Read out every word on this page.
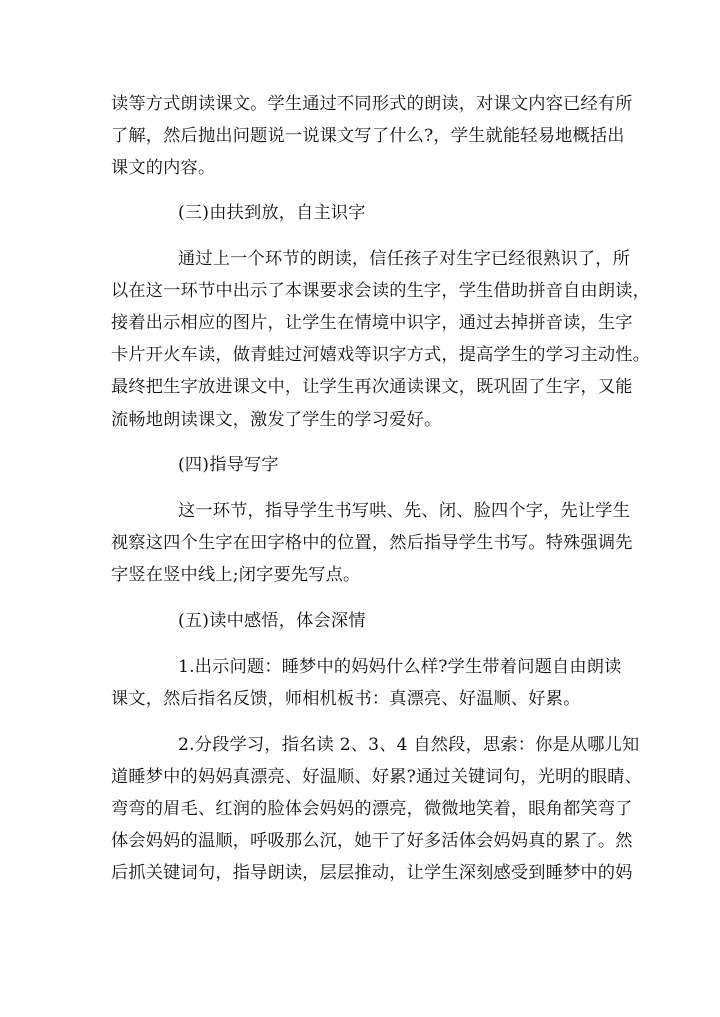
读等方式朗读课文。学生通过不同形式的朗读，对课文内容已经有所
了解，然后抛出问题说一说课文写了什么?，学生就能轻易地概括出
课文的内容。
(三)由扶到放，自主识字
通过上一个环节的朗读，信任孩子对生字已经很熟识了，所
以在这一环节中出示了本课要求会读的生字，学生借助拼音自由朗读，
接着出示相应的图片，让学生在情境中识字，通过去掉拼音读，生字
卡片开火车读，做青蛙过河嬉戏等识字方式，提高学生的学习主动性。
最终把生字放进课文中，让学生再次通读课文，既巩固了生字，又能
流畅地朗读课文，激发了学生的学习爱好。
(四)指导写字
这一环节，指导学生书写哄、先、闭、脸四个字，先让学生
视察这四个生字在田字格中的位置，然后指导学生书写。特殊强调先
字竖在竖中线上;闭字要先写点。
(五)读中感悟，体会深情
1.出示问题：睡梦中的妈妈什么样?学生带着问题自由朗读
课文，然后指名反馈，师相机板书：真漂亮、好温顺、好累。
2.分段学习，指名读 2、3、4 自然段，思索：你是从哪儿知
道睡梦中的妈妈真漂亮、好温顺、好累?通过关键词句，光明的眼睛、
弯弯的眉毛、红润的脸体会妈妈的漂亮，微微地笑着，眼角都笑弯了
体会妈妈的温顺，呼吸那么沉，她干了好多活体会妈妈真的累了。然
后抓关键词句，指导朗读，层层推动，让学生深刻感受到睡梦中的妈
